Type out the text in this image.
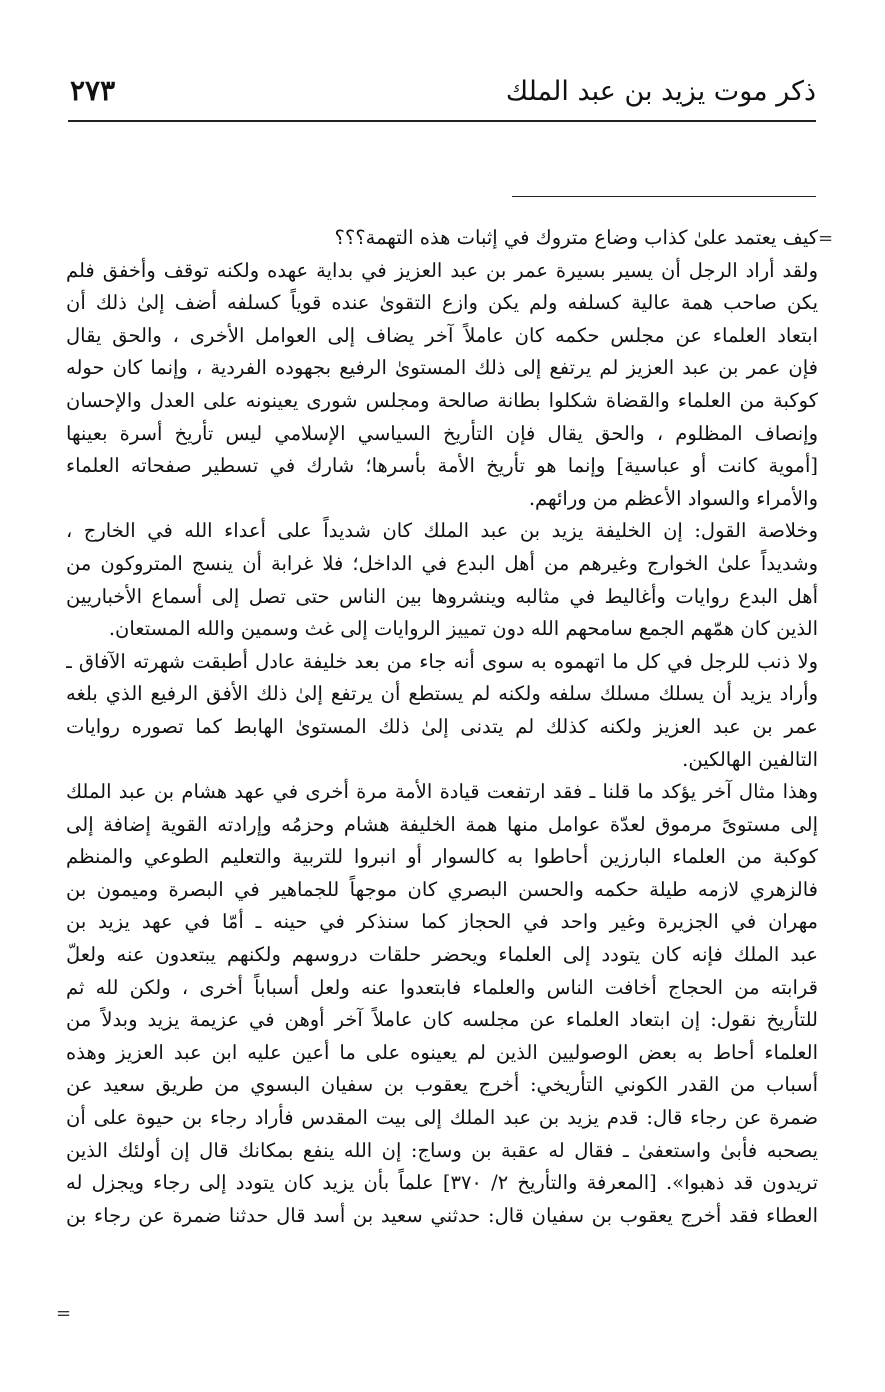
ذكر موت يزيد بن عبد الملك
٢٧٣
=
كيف يعتمد علىٰ كذاب وضاع متروك في إثبات هذه التهمة؟؟؟
ولقد أراد الرجل أن يسير بسيرة عمر بن عبد العزيز في بداية عهده ولكنه توقف وأخفق فلم
يكن صاحب همة عالية كسلفه ولم يكن وازع التقوىٰ عنده قوياً كسلفه أضف إلىٰ ذلك أن
ابتعاد العلماء عن مجلس حكمه كان عاملاً آخر يضاف إلى العوامل الأخرى ، والحق يقال
فإن عمر بن عبد العزيز لم يرتفع إلى ذلك المستوىٰ الرفيع بجهوده الفردية ، وإنما كان حوله
كوكبة من العلماء والقضاة شكلوا بطانة صالحة ومجلس شورى يعينونه على العدل والإحسان
وإنصاف المظلوم ، والحق يقال فإن التأريخ السياسي الإسلامي ليس تأريخ أسرة بعينها
[أموية كانت أو عباسية] وإنما هو تأريخ الأمة بأسرها؛ شارك في تسطير صفحاته العلماء
والأمراء والسواد الأعظم من ورائهم.
وخلاصة القول: إن الخليفة يزيد بن عبد الملك كان شديداً على أعداء الله في الخارج ،
وشديداً علىٰ الخوارج وغيرهم من أهل البدع في الداخل؛ فلا غرابة أن ينسج المتروكون من
أهل البدع روايات وأغاليط في مثالبه وينشروها بين الناس حتى تصل إلى أسماع الأخباريين
الذين كان همّهم الجمع سامحهم الله دون تمييز الروايات إلى غث وسمين والله المستعان.
ولا ذنب للرجل في كل ما اتهموه به سوى أنه جاء من بعد خليفة عادل أطبقت شهرته الآفاق ـ
وأراد يزيد أن يسلك مسلك سلفه ولكنه لم يستطع أن يرتفع إلىٰ ذلك الأفق الرفيع الذي بلغه
عمر بن عبد العزيز ولكنه كذلك لم يتدنى إلىٰ ذلك المستوىٰ الهابط كما تصوره روايات
التالفين الهالكين.
وهذا مثال آخر يؤكد ما قلنا ـ فقد ارتفعت قيادة الأمة مرة أخرى في عهد هشام بن عبد الملك
إلى مستوىً مرموق لعدّة عوامل منها همة الخليفة هشام وحزمُه وإرادته القوية إضافة إلى
كوكبة من العلماء البارزين أحاطوا به كالسوار أو انبروا للتربية والتعليم الطوعي والمنظم
فالزهري لازمه طيلة حكمه والحسن البصري كان موجهاً للجماهير في البصرة وميمون بن
مهران في الجزيرة وغير واحد في الحجاز كما سنذكر في حينه ـ أمّا في عهد يزيد بن
عبد الملك فإنه كان يتودد إلى العلماء ويحضر حلقات دروسهم ولكنهم يبتعدون عنه ولعلّ
قرابته من الحجاج أخافت الناس والعلماء فابتعدوا عنه ولعل أسباباً أخرى ، ولكن لله ثم
للتأريخ نقول: إن ابتعاد العلماء عن مجلسه كان عاملاً آخر أوهن في عزيمة يزيد وبدلاً من
العلماء أحاط به بعض الوصوليين الذين لم يعينوه على ما أعين عليه ابن عبد العزيز وهذه
أسباب من القدر الكوني التأريخي: أخرج يعقوب بن سفيان البسوي من طريق سعيد عن
ضمرة عن رجاء قال: قدم يزيد بن عبد الملك إلى بيت المقدس فأراد رجاء بن حيوة على أن
يصحبه فأبىٰ واستعفىٰ ـ فقال له عقبة بن وساج: إن الله ينفع بمكانك قال إن أولئك الذين
تريدون قد ذهبوا». [المعرفة والتأريخ ٢/ ٣٧٠] علماً بأن يزيد كان يتودد إلى رجاء ويجزل له
العطاء فقد أخرج يعقوب بن سفيان قال: حدثني سعيد بن أسد قال حدثنا ضمرة عن رجاء بن
=
